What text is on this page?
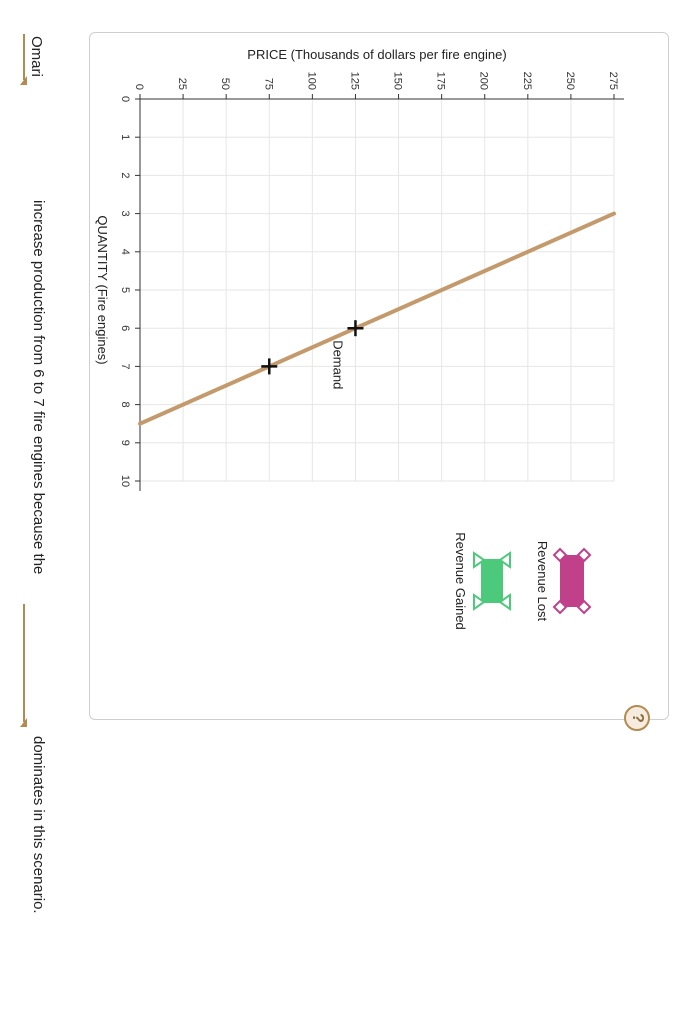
0
1
2
3
4
5
6
7
8
9
10
0	25	50	75	100	125	150	175	200	225	250	275
PRICE (Thousands of dollars per fire engine)
QUANTITY (Fire engines)
Demand
Revenue Lost
Revenue Gained
?
Omari
increase production from 6 to 7 fire engines because the
dominates in this scenario.
